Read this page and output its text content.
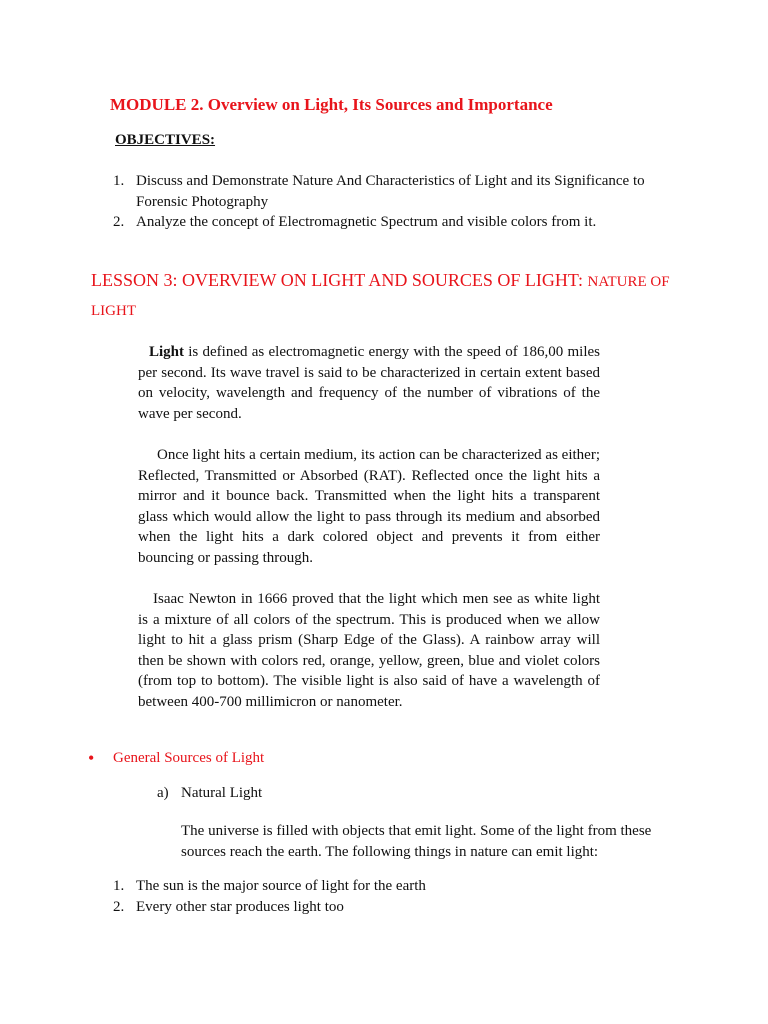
MODULE 2. Overview on Light, Its Sources and Importance
OBJECTIVES:
1. Discuss and Demonstrate Nature And Characteristics of Light and its Significance to
Forensic Photography
2. Analyze the concept of Electromagnetic Spectrum and visible colors from it.
LESSON 3: OVERVIEW ON LIGHT AND SOURCES OF LIGHT: NATURE OF LIGHT
Light is defined as electromagnetic energy with the speed of 186,00 miles per second. Its wave travel is said to be characterized in certain extent based on velocity, wavelength and frequency of the number of vibrations of the wave per second.
Once light hits a certain medium, its action can be characterized as either; Reflected, Transmitted or Absorbed (RAT). Reflected once the light hits a mirror and it bounce back. Transmitted when the light hits a transparent glass which would allow the light to pass through its medium and absorbed when the light hits a dark colored object and prevents it from either bouncing or passing through.
Isaac Newton in 1666 proved that the light which men see as white light is a mixture of all colors of the spectrum. This is produced when we allow light to hit a glass prism (Sharp Edge of the Glass). A rainbow array will then be shown with colors red, orange, yellow, green, blue and violet colors (from top to bottom). The visible light is also said of have a wavelength of between 400-700 millimicron or nanometer.
• General Sources of Light
a) Natural Light
The universe is filled with objects that emit light. Some of the light from these sources reach the earth. The following things in nature can emit light:
1. The sun is the major source of light for the earth
2. Every other star produces light too
